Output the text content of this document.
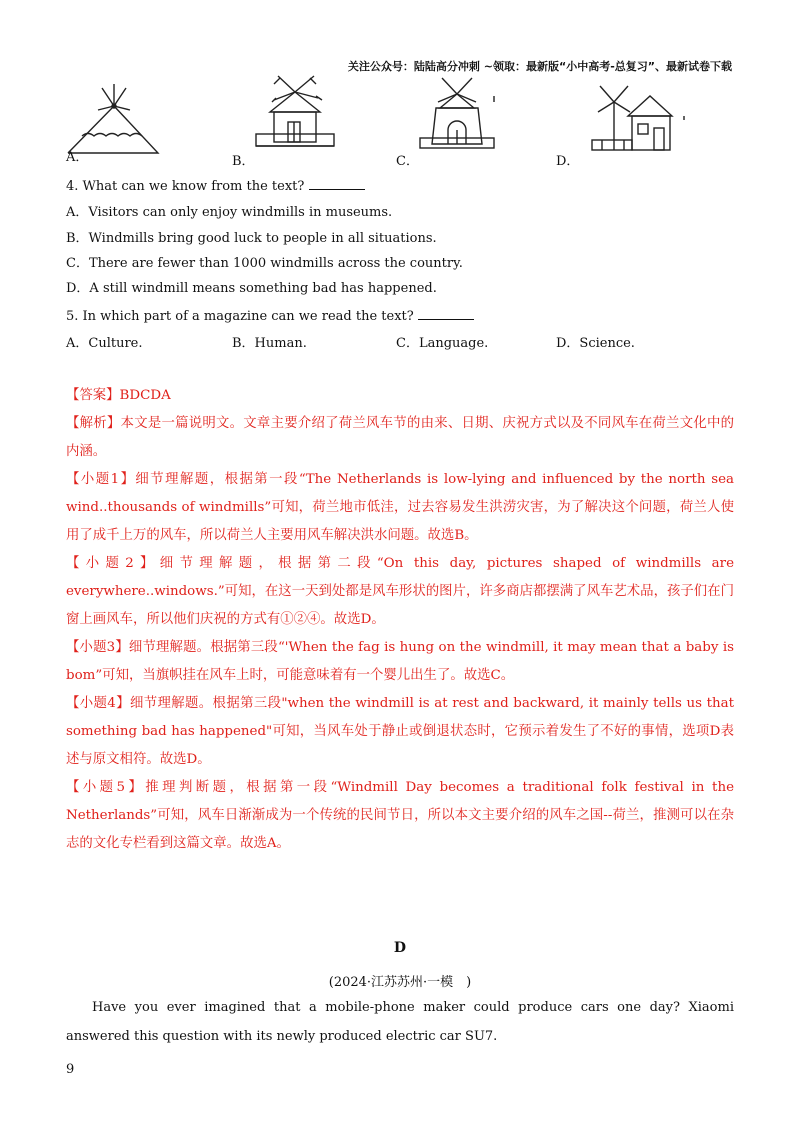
关注公众号：陆陆高分冲刺 ~领取：最新版“小中高考-总复习”、最新试卷下载
A．	B．	C．	D．
4. What can we know from the text?
A．Visitors can only enjoy windmills in museums.
B．Windmills bring good luck to people in all situations.
C．There are fewer than 1000 windmills across the country.
D．A still windmill means something bad has happened.
5. In which part of a magazine can we read the text?
A．Culture.	B．Human.	C．Language.	D．Science.

【答案】BDCDA

【解析】本文是一篇说明文。文章主要介绍了荷兰风车节的由来、日期、庆祝方式以及不同风车在荷兰文化中的内涵。

【小题1】细节理解题，根据第一段“The Netherlands is low-lying and influenced by the north sea wind..thousands of windmills”可知，荷兰地市低洼，过去容易发生洪涝灾害，为了解决这个问题，荷兰人使用了成千上万的风车，所以荷兰人主要用风车解决洪水问题。故选B。

【小题2】细节理解题，根据第二段“On this day, pictures shaped of windmills are everywhere..windows.”可知，在这一天到处都是风车形状的图片，许多商店都摆满了风车艺术品，孩子们在门窗上画风车，所以他们庆祝的方式有①②④。故选D。

【小题3】细节理解题。根据第三段“'When the fag is hung on the windmill, it may mean that a baby is bom”可知，当旗帜挂在风车上时，可能意味着有一个婴儿出生了。故选C。

【小题4】细节理解题。根据第三段"when the windmill is at rest and backward, it mainly tells us that something bad has happened"可知，当风车处于静止或倒退状态时，它预示着发生了不好的事情，选项D表述与原文相符。故选D。

【小题5】推理判断题，根据第一段“Windmill Day becomes a traditional folk festival in the Netherlands”可知，风车日渐渐成为一个传统的民间节日，所以本文主要介绍的风车之国--荷兰，推测可以在杂志的文化专栏看到这篇文章。故选A。

D
(2024·江苏苏州·一模　)
Have you ever imagined that a mobile-phone maker could produce cars one day? Xiaomi answered this question with its newly produced electric car SU7.
9
